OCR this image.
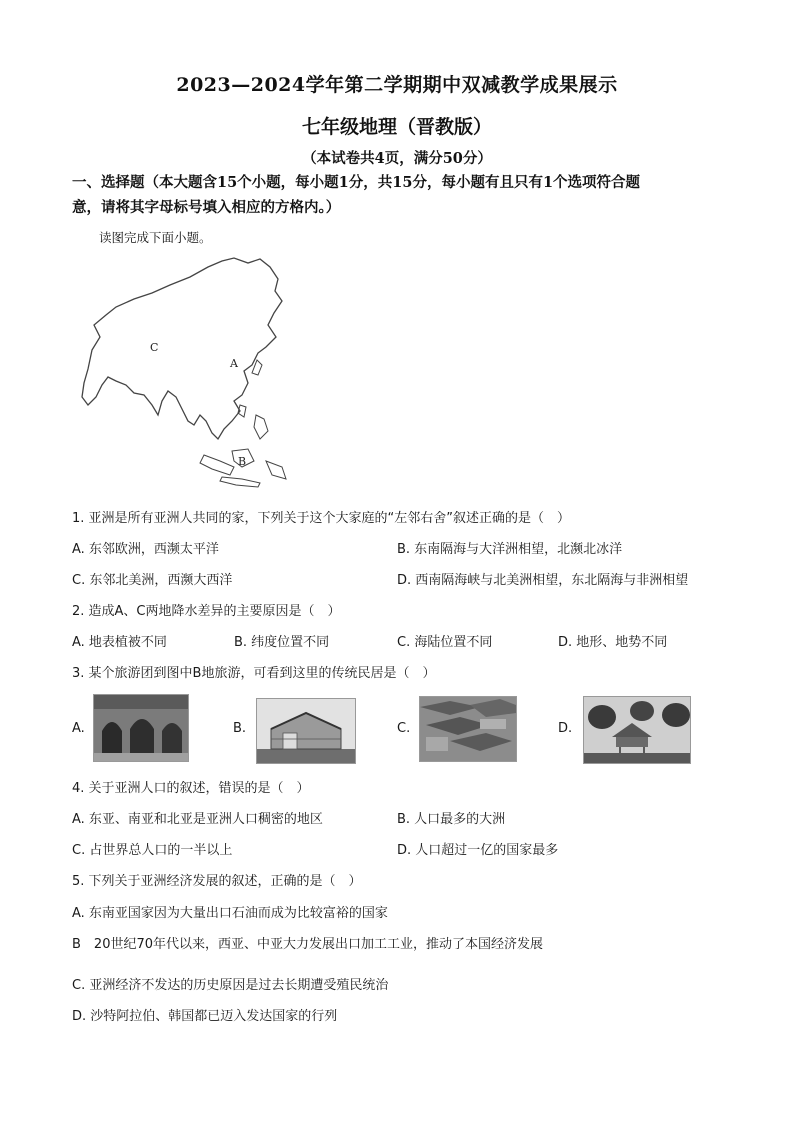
2023—2024学年第二学期期中双减教学成果展示
七年级地理（晋教版）
（本试卷共4页，满分50分）
一、选择题（本大题含15个小题，每小题1分，共15分，每小题有且只有1个选项符合题
意，请将其字母标号填入相应的方格内。）
读图完成下面小题。
C
A
B
1. 亚洲是所有亚洲人共同的家，下列关于这个大家庭的“左邻右舍”叙述正确的是（　）
A. 东邻欧洲，西濒太平洋	B. 东南隔海与大洋洲相望，北濒北冰洋
C. 东邻北美洲，西濒大西洋	D. 西南隔海峡与北美洲相望，东北隔海与非洲相望
2. 造成A、C两地降水差异的主要原因是（　）
A. 地表植被不同	B. 纬度位置不同	C. 海陆位置不同	D. 地形、地势不同
3. 某个旅游团到图中B地旅游，可看到这里的传统民居是（　）
A.	B.	C.	D.
4. 关于亚洲人口的叙述，错误的是（　）
A. 东亚、南亚和北亚是亚洲人口稠密的地区	B. 人口最多的大洲
C. 占世界总人口的一半以上	D. 人口超过一亿的国家最多
5. 下列关于亚洲经济发展的叙述，正确的是（　）
A. 东南亚国家因为大量出口石油而成为比较富裕的国家
B　20世纪70年代以来，西亚、中亚大力发展出口加工工业，推动了本国经济发展
C. 亚洲经济不发达的历史原因是过去长期遭受殖民统治
D. 沙特阿拉伯、韩国都已迈入发达国家的行列
